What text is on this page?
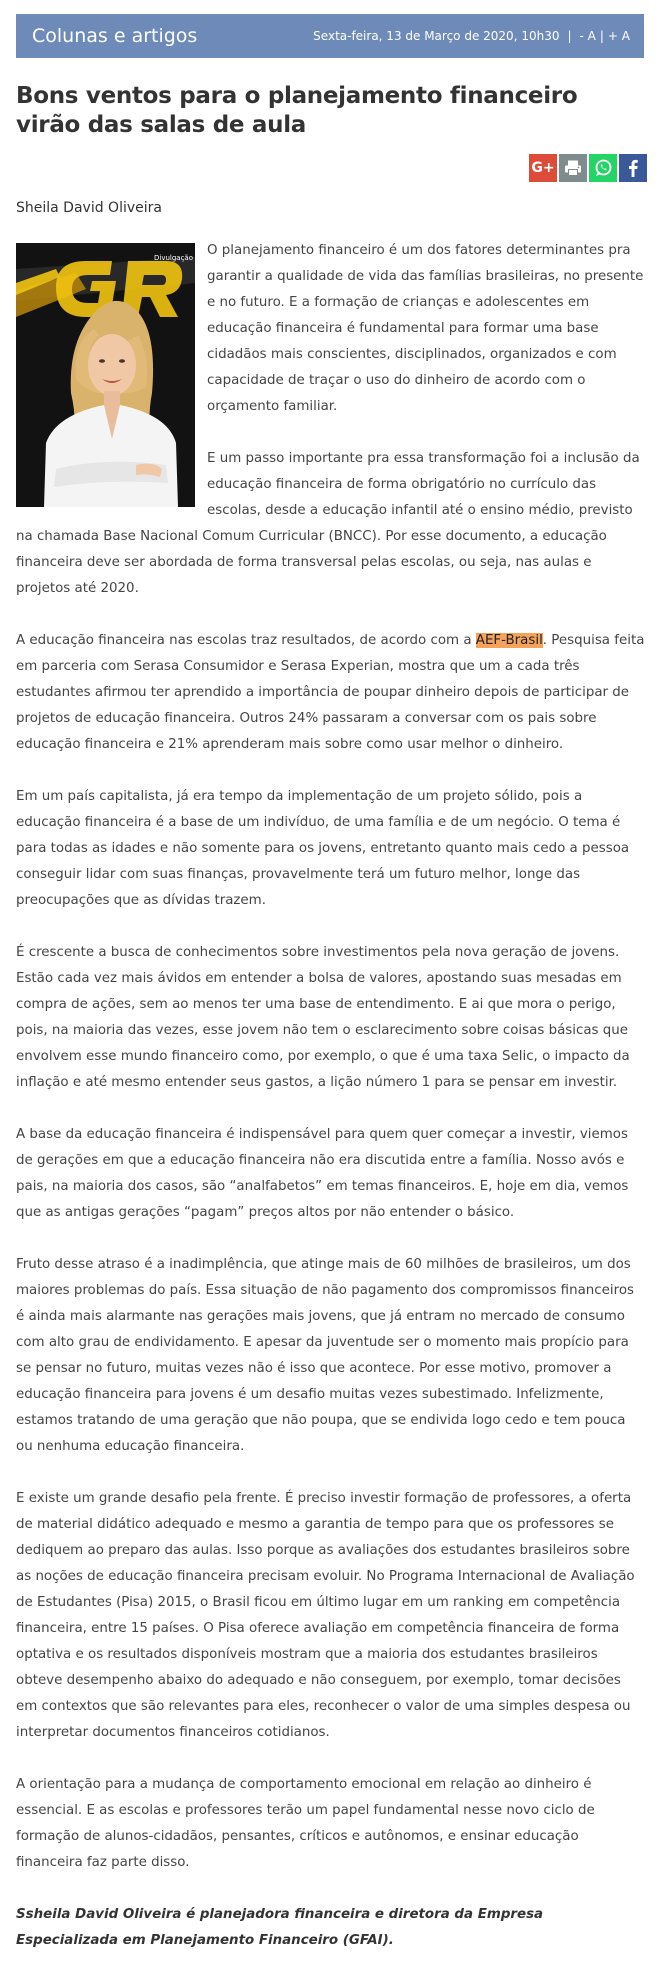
Colunas e artigos	Sexta-feira, 13 de Março de 2020, 10h30 | - A | + A
Bons ventos para o planejamento financeiro virão das salas de aula
G+
Sheila David Oliveira
Divulgação	O planejamento financeiro é um dos fatores determinantes pra garantir a qualidade de vida das famílias brasileiras, no presente e no futuro. E a formação de crianças e adolescentes em educação financeira é fundamental para formar uma base cidadãos mais conscientes, disciplinados, organizados e com capacidade de traçar o uso do dinheiro de acordo com o orçamento familiar.

E um passo importante pra essa transformação foi a inclusão da educação financeira de forma obrigatório no currículo das escolas, desde a educação infantil até o ensino médio, previsto na chamada Base Nacional Comum Curricular (BNCC). Por esse documento, a educação financeira deve ser abordada de forma transversal pelas escolas, ou seja, nas aulas e projetos até 2020.

A educação financeira nas escolas traz resultados, de acordo com a AEF-Brasil. Pesquisa feita em parceria com Serasa Consumidor e Serasa Experian, mostra que um a cada três estudantes afirmou ter aprendido a importância de poupar dinheiro depois de participar de projetos de educação financeira. Outros 24% passaram a conversar com os pais sobre educação financeira e 21% aprenderam mais sobre como usar melhor o dinheiro.

Em um país capitalista, já era tempo da implementação de um projeto sólido, pois a educação financeira é a base de um indivíduo, de uma família e de um negócio. O tema é para todas as idades e não somente para os jovens, entretanto quanto mais cedo a pessoa conseguir lidar com suas finanças, provavelmente terá um futuro melhor, longe das preocupações que as dívidas trazem.

É crescente a busca de conhecimentos sobre investimentos pela nova geração de jovens. Estão cada vez mais ávidos em entender a bolsa de valores, apostando suas mesadas em compra de ações, sem ao menos ter uma base de entendimento. E ai que mora o perigo, pois, na maioria das vezes, esse jovem não tem o esclarecimento sobre coisas básicas que envolvem esse mundo financeiro como, por exemplo, o que é uma taxa Selic, o impacto da inflação e até mesmo entender seus gastos, a lição número 1 para se pensar em investir.

A base da educação financeira é indispensável para quem quer começar a investir, viemos de gerações em que a educação financeira não era discutida entre a família. Nosso avós e pais, na maioria dos casos, são “analfabetos” em temas financeiros. E, hoje em dia, vemos que as antigas gerações “pagam” preços altos por não entender o básico.

Fruto desse atraso é a inadimplência, que atinge mais de 60 milhões de brasileiros, um dos maiores problemas do país. Essa situação de não pagamento dos compromissos financeiros é ainda mais alarmante nas gerações mais jovens, que já entram no mercado de consumo com alto grau de endividamento. E apesar da juventude ser o momento mais propício para se pensar no futuro, muitas vezes não é isso que acontece. Por esse motivo, promover a educação financeira para jovens é um desafio muitas vezes subestimado. Infelizmente, estamos tratando de uma geração que não poupa, que se endivida logo cedo e tem pouca ou nenhuma educação financeira.

E existe um grande desafio pela frente. É preciso investir formação de professores, a oferta de material didático adequado e mesmo a garantia de tempo para que os professores se dediquem ao preparo das aulas. Isso porque as avaliações dos estudantes brasileiros sobre as noções de educação financeira precisam evoluir. No Programa Internacional de Avaliação de Estudantes (Pisa) 2015, o Brasil ficou em último lugar em um ranking em competência financeira, entre 15 países. O Pisa oferece avaliação em competência financeira de forma optativa e os resultados disponíveis mostram que a maioria dos estudantes brasileiros obteve desempenho abaixo do adequado e não conseguem, por exemplo, tomar decisões em contextos que são relevantes para eles, reconhecer o valor de uma simples despesa ou interpretar documentos financeiros cotidianos.

A orientação para a mudança de comportamento emocional em relação ao dinheiro é essencial. E as escolas e professores terão um papel fundamental nesse novo ciclo de formação de alunos-cidadãos, pensantes, críticos e autônomos, e ensinar educação financeira faz parte disso.

Ssheila David Oliveira é planejadora financeira e diretora da Empresa Especializada em Planejamento Financeiro (GFAI).
